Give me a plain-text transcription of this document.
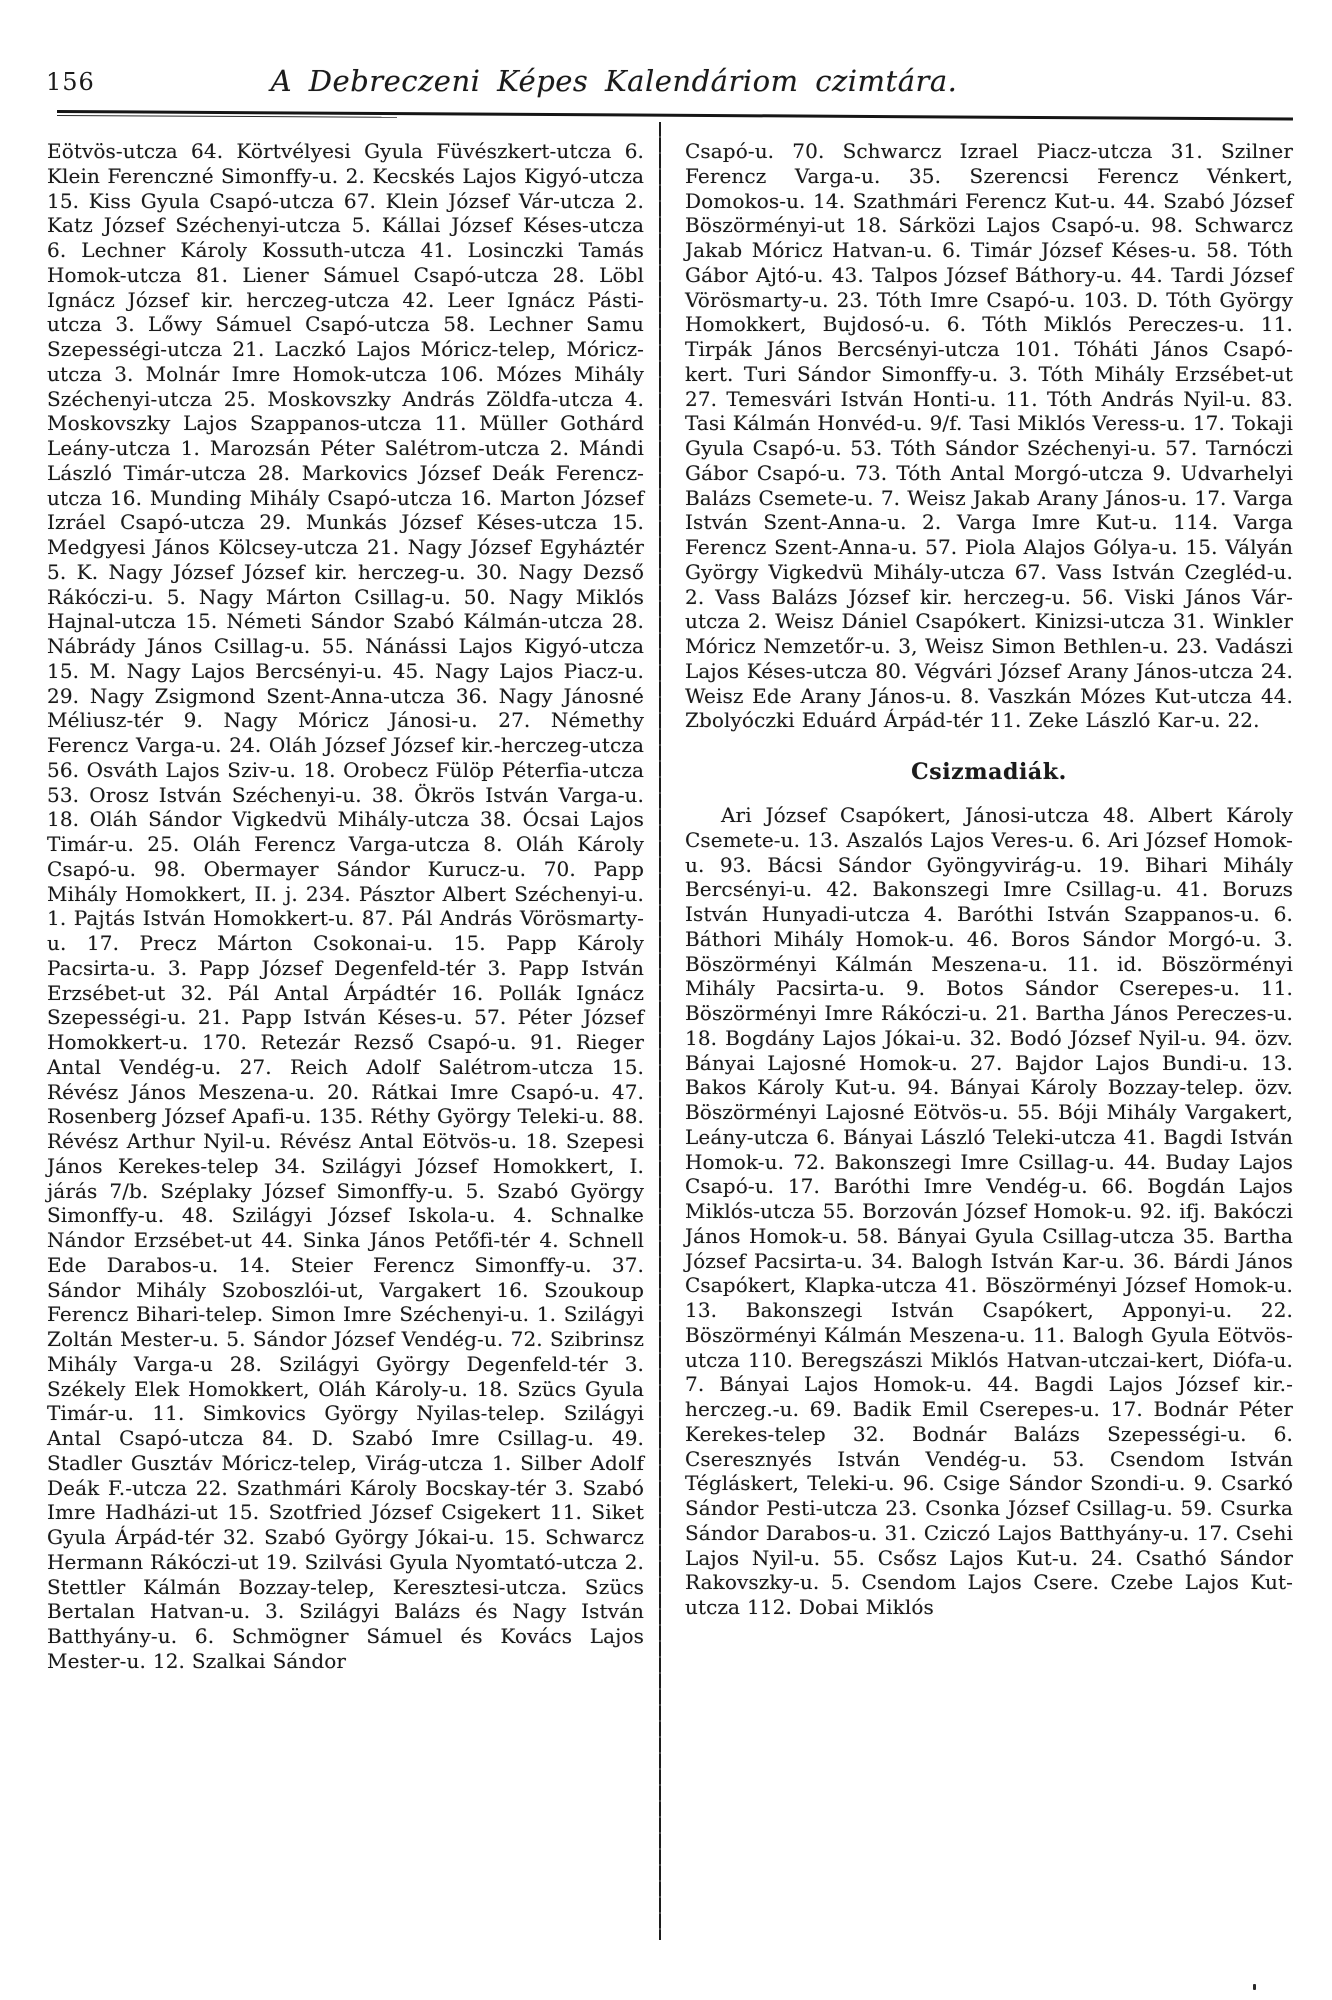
156	A Debreczeni Képes Kalendáriom czimtára.

Eötvös-utcza 64. Körtvélyesi Gyula Füvészkert-utcza 6. Klein Ferenczné Simonffy-u. 2. Kecskés Lajos Kigyó-utcza 15. Kiss Gyula Csapó-utcza 67. Klein József Vár-utcza 2. Katz József Széchenyi-utcza 5. Kállai József Késes-utcza 6. Lechner Károly Kossuth-utcza 41. Losinczki Tamás Homok-utcza 81. Liener Sámuel Csapó-utcza 28. Löbl Ignácz József kir. herczeg-utcza 42. Leer Ignácz Pásti-utcza 3. Lőwy Sámuel Csapó-utcza 58. Lechner Samu Szepességi-utcza 21. Laczkó Lajos Móricz-telep, Móricz-utcza 3. Molnár Imre Homok-utcza 106. Mózes Mihály Széchenyi-utcza 25. Moskovszky András Zöldfa-utcza 4. Moskovszky Lajos Szappanos-utcza 11. Müller Gothárd Leány-utcza 1. Marozsán Péter Salétrom-utcza 2. Mándi László Timár-utcza 28. Markovics József Deák Ferencz-utcza 16. Munding Mihály Csapó-utcza 16. Marton József Izráel Csapó-utcza 29. Munkás József Késes-utcza 15. Medgyesi János Kölcsey-utcza 21. Nagy József Egyháztér 5. K. Nagy József József kir. herczeg-u. 30. Nagy Dezső Rákóczi-u. 5. Nagy Márton Csillag-u. 50. Nagy Miklós Hajnal-utcza 15. Németi Sándor Szabó Kálmán-utcza 28. Nábrády János Csillag-u. 55. Nánássi Lajos Kigyó-utcza 15. M. Nagy Lajos Bercsényi-u. 45. Nagy Lajos Piacz-u. 29. Nagy Zsigmond Szent-Anna-utcza 36. Nagy Jánosné Méliusz-tér 9. Nagy Móricz Jánosi-u. 27. Némethy Ferencz Varga-u. 24. Oláh József József kir.-herczeg-utcza 56. Osváth Lajos Sziv-u. 18. Orobecz Fülöp Péterfia-utcza 53. Orosz István Széchenyi-u. 38. Ökrös István Varga-u. 18. Oláh Sándor Vigkedvü Mihály-utcza 38. Ócsai Lajos Timár-u. 25. Oláh Ferencz Varga-utcza 8. Oláh Károly Csapó-u. 98. Obermayer Sándor Kurucz-u. 70. Papp Mihály Homokkert, II. j. 234. Pásztor Albert Széchenyi-u. 1. Pajtás István Homokkert-u. 87. Pál András Vörösmarty-u. 17. Precz Márton Csokonai-u. 15. Papp Károly Pacsirta-u. 3. Papp József Degenfeld-tér 3. Papp István Erzsébet-ut 32. Pál Antal Árpádtér 16. Pollák Ignácz Szepességi-u. 21. Papp István Késes-u. 57. Péter József Homokkert-u. 170. Retezár Rezső Csapó-u. 91. Rieger Antal Vendég-u. 27. Reich Adolf Salétrom-utcza 15. Révész János Meszena-u. 20. Rátkai Imre Csapó-u. 47. Rosenberg József Apafi-u. 135. Réthy György Teleki-u. 88. Révész Arthur Nyil-u. Révész Antal Eötvös-u. 18. Szepesi János Kerekes-telep 34. Szilágyi József Homokkert, I. járás 7/b. Széplaky József Simonffy-u. 5. Szabó György Simonffy-u. 48. Szilágyi József Iskola-u. 4. Schnalke Nándor Erzsébet-ut 44. Sinka János Petőfi-tér 4. Schnell Ede Darabos-u. 14. Steier Ferencz Simonffy-u. 37. Sándor Mihály Szoboszlói-ut, Vargakert 16. Szoukoup Ferencz Bihari-telep. Simon Imre Széchenyi-u. 1. Szilágyi Zoltán Mester-u. 5. Sándor József Vendég-u. 72. Szibrinsz Mihály Varga-u 28. Szilágyi György Degenfeld-tér 3. Székely Elek Homokkert, Oláh Károly-u. 18. Szücs Gyula Timár-u. 11. Simkovics György Nyilas-telep. Szilágyi Antal Csapó-utcza 84. D. Szabó Imre Csillag-u. 49. Stadler Gusztáv Móricz-telep, Virág-utcza 1. Silber Adolf Deák F.-utcza 22. Szathmári Károly Bocskay-tér 3. Szabó Imre Hadházi-ut 15. Szotfried József Csigekert 11. Siket Gyula Árpád-tér 32. Szabó György Jókai-u. 15. Schwarcz Hermann Rákóczi-ut 19. Szilvási Gyula Nyomtató-utcza 2. Stettler Kálmán Bozzay-telep, Keresztesi-utcza. Szücs Bertalan Hatvan-u. 3. Szilágyi Balázs és Nagy István Batthyány-u. 6. Schmögner Sámuel és Kovács Lajos Mester-u. 12. Szalkai Sándor

Csapó-u. 70. Schwarcz Izrael Piacz-utcza 31. Szilner Ferencz Varga-u. 35. Szerencsi Ferencz Vénkert, Domokos-u. 14. Szathmári Ferencz Kut-u. 44. Szabó József Böszörményi-ut 18. Sárközi Lajos Csapó-u. 98. Schwarcz Jakab Móricz Hatvan-u. 6. Timár József Késes-u. 58. Tóth Gábor Ajtó-u. 43. Talpos József Báthory-u. 44. Tardi József Vörösmarty-u. 23. Tóth Imre Csapó-u. 103. D. Tóth György Homokkert, Bujdosó-u. 6. Tóth Miklós Pereczes-u. 11. Tirpák János Bercsényi-utcza 101. Tóháti János Csapó-kert. Turi Sándor Simonffy-u. 3. Tóth Mihály Erzsébet-ut 27. Temesvári István Honti-u. 11. Tóth András Nyil-u. 83. Tasi Kálmán Honvéd-u. 9/f. Tasi Miklós Veress-u. 17. Tokaji Gyula Csapó-u. 53. Tóth Sándor Széchenyi-u. 57. Tarnóczi Gábor Csapó-u. 73. Tóth Antal Morgó-utcza 9. Udvarhelyi Balázs Csemete-u. 7. Weisz Jakab Arany János-u. 17. Varga István Szent-Anna-u. 2. Varga Imre Kut-u. 114. Varga Ferencz Szent-Anna-u. 57. Piola Alajos Gólya-u. 15. Vályán György Vigkedvü Mihály-utcza 67. Vass István Czegléd-u. 2. Vass Balázs József kir. herczeg-u. 56. Viski János Vár-utcza 2. Weisz Dániel Csapókert. Kinizsi-utcza 31. Winkler Móricz Nemzetőr-u. 3, Weisz Simon Bethlen-u. 23. Vadászi Lajos Késes-utcza 80. Végvári József Arany János-utcza 24. Weisz Ede Arany János-u. 8. Vaszkán Mózes Kut-utcza 44. Zbolyóczki Eduárd Árpád-tér 11. Zeke László Kar-u. 22.

Csizmadiák.

Ari József Csapókert, Jánosi-utcza 48. Albert Károly Csemete-u. 13. Aszalós Lajos Veres-u. 6. Ari József Homok-u. 93. Bácsi Sándor Gyöngyvirág-u. 19. Bihari Mihály Bercsényi-u. 42. Bakonszegi Imre Csillag-u. 41. Boruzs István Hunyadi-utcza 4. Baróthi István Szappanos-u. 6. Báthori Mihály Homok-u. 46. Boros Sándor Morgó-u. 3. Böszörményi Kálmán Meszena-u. 11. id. Böszörményi Mihály Pacsirta-u. 9. Botos Sándor Cserepes-u. 11. Böszörményi Imre Rákóczi-u. 21. Bartha János Pereczes-u. 18. Bogdány Lajos Jókai-u. 32. Bodó József Nyil-u. 94. özv. Bányai Lajosné Homok-u. 27. Bajdor Lajos Bundi-u. 13. Bakos Károly Kut-u. 94. Bányai Károly Bozzay-telep. özv. Böszörményi Lajosné Eötvös-u. 55. Bóji Mihály Vargakert, Leány-utcza 6. Bányai László Teleki-utcza 41. Bagdi István Homok-u. 72. Bakonszegi Imre Csillag-u. 44. Buday Lajos Csapó-u. 17. Baróthi Imre Vendég-u. 66. Bogdán Lajos Miklós-utcza 55. Borzován József Homok-u. 92. ifj. Bakóczi János Homok-u. 58. Bányai Gyula Csillag-utcza 35. Bartha József Pacsirta-u. 34. Balogh István Kar-u. 36. Bárdi János Csapókert, Klapka-utcza 41. Böszörményi József Homok-u. 13. Bakonszegi István Csapókert, Apponyi-u. 22. Böszörményi Kálmán Meszena-u. 11. Balogh Gyula Eötvös-utcza 110. Beregszászi Miklós Hatvan-utczai-kert, Diófa-u. 7. Bányai Lajos Homok-u. 44. Bagdi Lajos József kir.-herczeg.-u. 69. Badik Emil Cserepes-u. 17. Bodnár Péter Kerekes-telep 32. Bodnár Balázs Szepességi-u. 6. Cseresznyés István Vendég-u. 53. Csendom István Tégláskert, Teleki-u. 96. Csige Sándor Szondi-u. 9. Csarkó Sándor Pesti-utcza 23. Csonka József Csillag-u. 59. Csurka Sándor Darabos-u. 31. Cziczó Lajos Batthyány-u. 17. Csehi Lajos Nyil-u. 55. Csősz Lajos Kut-u. 24. Csathó Sándor Rakovszky-u. 5. Csendom Lajos Csere. Czebe Lajos Kut-utcza 112. Dobai Miklós
